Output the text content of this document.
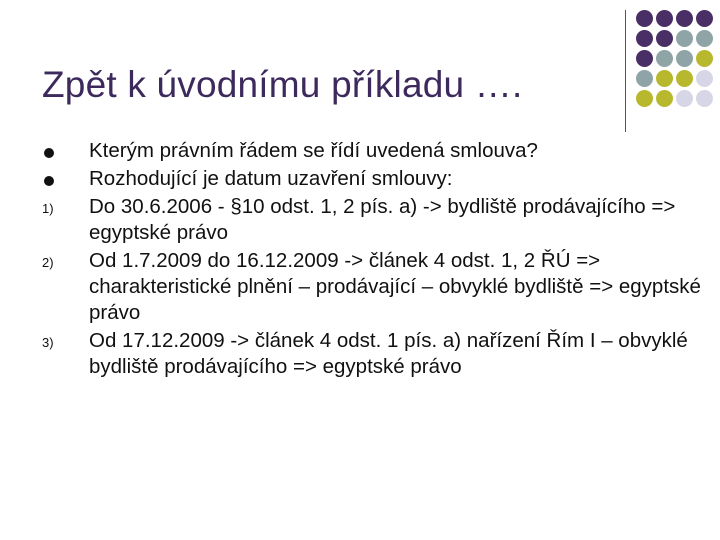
Zpět k úvodnímu příkladu ….
Kterým právním řádem se řídí uvedená smlouva?
Rozhodující je datum uzavření smlouvy:
1)	Do 30.6.2006 - §10 odst. 1, 2 pís. a) -> bydliště prodávajícího => egyptské právo
2)	Od 1.7.2009 do 16.12.2009 -> článek 4 odst. 1, 2 ŘÚ => charakteristické plnění – prodávající – obvyklé bydliště => egyptské právo
3)	Od 17.12.2009 -> článek 4 odst. 1 pís. a) nařízení Řím I – obvyklé bydliště prodávajícího => egyptské právo
